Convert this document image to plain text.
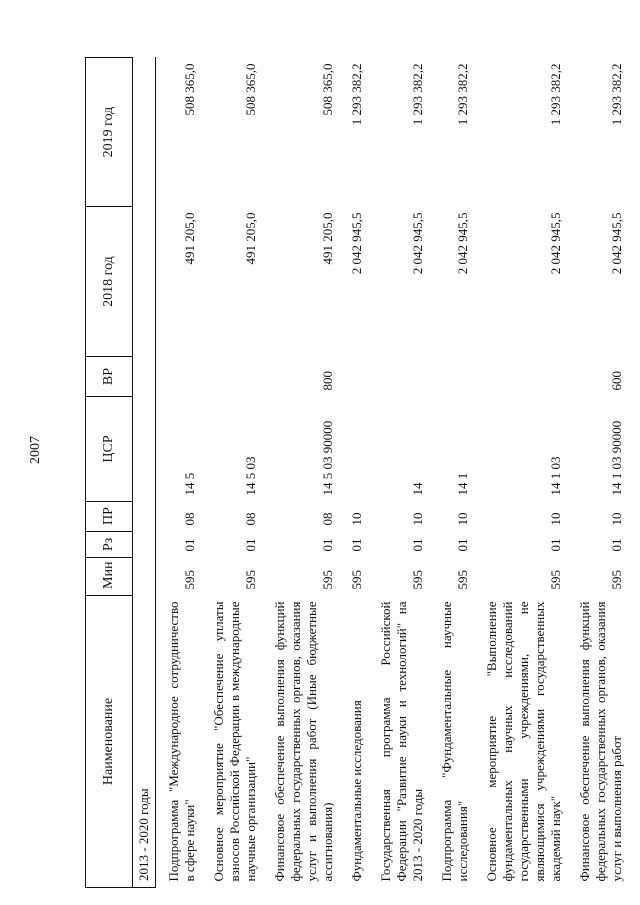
2007
Наименование	Мин	Рз	ПР	ЦСР	ВР	2018 год	2019 год
2013 - 2020 годы							
Подпрограмма "Международное сотрудничество в сфере науки"	595	01	08	14 5		491 205,0	508 365,0
Основное мероприятие "Обеспечение уплаты взносов Российской Федерации в международные научные организации"	595	01	08	14 5 03		491 205,0	508 365,0
Финансовое обеспечение выполнения функций федеральных государственных органов, оказания услуг и выполнения работ (Иные бюджетные ассигнования)	595	01	08	14 5 03 90000	800	491 205,0	508 365,0
Фундаментальные исследования	595	01	10			2 042 945,5	1 293 382,2
Государственная программа Российской Федерации "Развитие науки и технологий" на 2013 - 2020 годы	595	01	10	14		2 042 945,5	1 293 382,2
Подпрограмма "Фундаментальные научные исследования"	595	01	10	14 1		2 042 945,5	1 293 382,2
Основное мероприятие "Выполнение фундаментальных научных исследований государственными учреждениями, не являющимися учреждениями государственных академий наук"	595	01	10	14 1 03		2 042 945,5	1 293 382,2
Финансовое обеспечение выполнения функций федеральных государственных органов, оказания услуг и выполнения работ	595	01	10	14 1 03 90000	600	2 042 945,5	1 293 382,2
